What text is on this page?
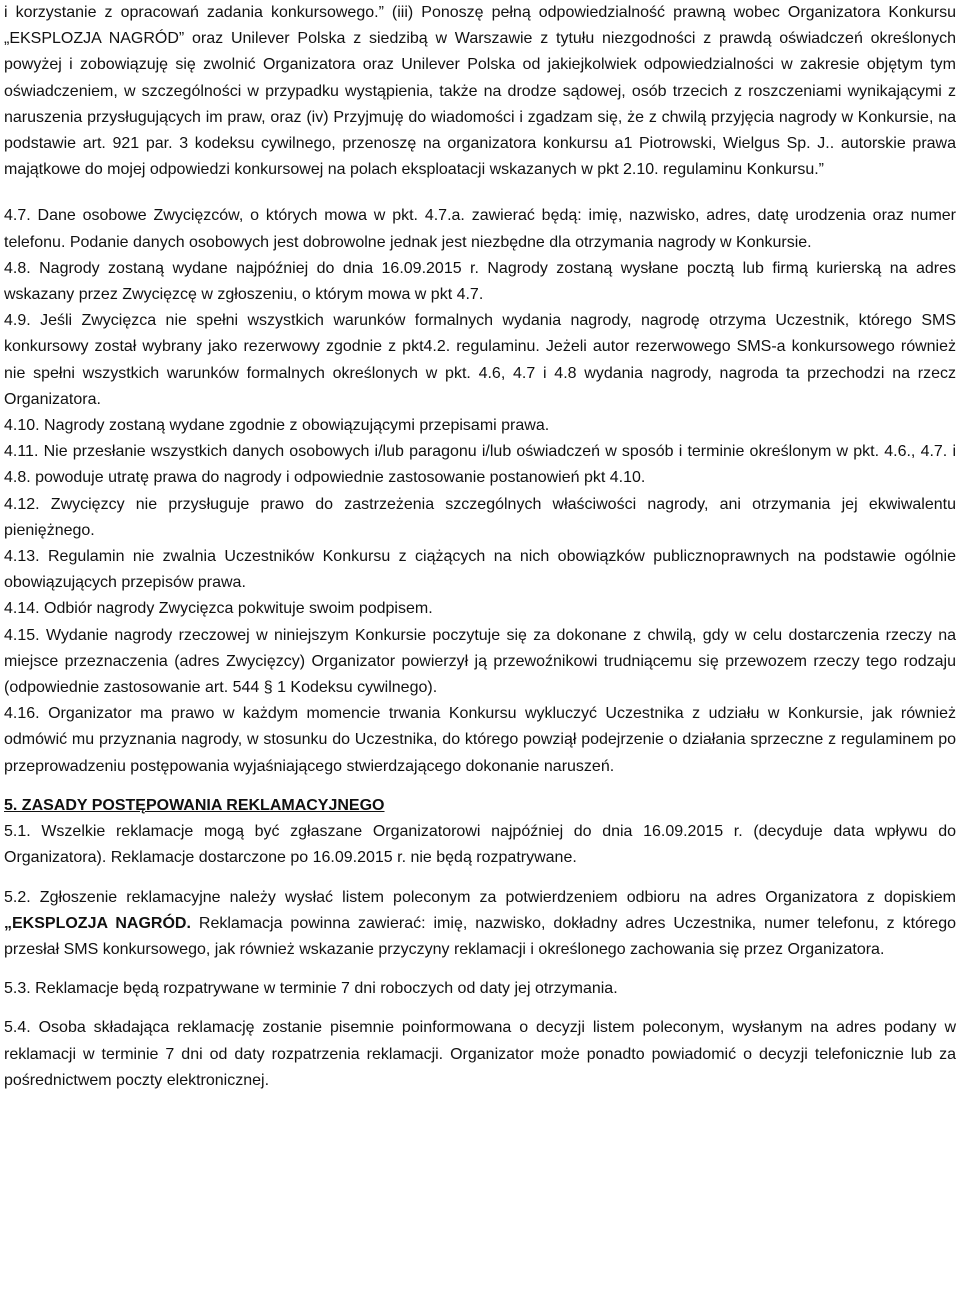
i korzystanie z opracowań zadania konkursowego.” (iii) Ponoszę pełną odpowiedzialność prawną wobec Organizatora Konkursu „EKSPLOZJA NAGRÓD” oraz Unilever Polska z siedzibą w Warszawie z tytułu niezgodności z prawdą oświadczeń określonych powyżej i zobowiązuję się zwolnić Organizatora oraz Unilever Polska od jakiejkolwiek odpowiedzialności w zakresie objętym tym oświadczeniem, w szczególności w przypadku wystąpienia, także na drodze sądowej, osób trzecich z roszczeniami wynikającymi z naruszenia przysługujących im praw, oraz (iv) Przyjmuję do wiadomości i zgadzam się, że z chwilą przyjęcia nagrody w Konkursie, na podstawie art. 921 par. 3 kodeksu cywilnego, przenoszę na organizatora konkursu a1 Piotrowski, Wielgus Sp. J.. autorskie prawa majątkowe do mojej odpowiedzi konkursowej na polach eksploatacji wskazanych w pkt 2.10. regulaminu Konkursu.”

4.7. Dane osobowe Zwycięzców, o których mowa w pkt. 4.7.a. zawierać będą: imię, nazwisko, adres, datę urodzenia oraz numer telefonu. Podanie danych osobowych jest dobrowolne jednak jest niezbędne dla otrzymania nagrody w Konkursie.

4.8. Nagrody zostaną wydane najpóźniej do dnia 16.09.2015 r. Nagrody zostaną wysłane pocztą lub firmą kurierską na adres wskazany przez Zwycięzcę w zgłoszeniu, o którym mowa w pkt 4.7.

4.9. Jeśli Zwycięzca nie spełni wszystkich warunków formalnych wydania nagrody, nagrodę otrzyma Uczestnik, którego SMS konkursowy został wybrany jako rezerwowy zgodnie z pkt4.2. regulaminu. Jeżeli autor rezerwowego SMS-a konkursowego również nie spełni wszystkich warunków formalnych określonych w pkt. 4.6, 4.7 i 4.8 wydania nagrody, nagroda ta przechodzi na rzecz Organizatora.

4.10. Nagrody zostaną wydane zgodnie z obowiązującymi przepisami prawa.

4.11. Nie przesłanie wszystkich danych osobowych i/lub paragonu i/lub oświadczeń w sposób i terminie określonym w pkt. 4.6., 4.7. i 4.8. powoduje utratę prawa do nagrody i odpowiednie zastosowanie postanowień pkt 4.10.

4.12. Zwycięzcy nie przysługuje prawo do zastrzeżenia szczególnych właściwości nagrody, ani otrzymania jej ekwiwalentu pieniężnego.

4.13. Regulamin nie zwalnia Uczestników Konkursu z ciążących na nich obowiązków publicznoprawnych na podstawie ogólnie obowiązujących przepisów prawa.

4.14. Odbiór nagrody Zwycięzca pokwituje swoim podpisem.

4.15. Wydanie nagrody rzeczowej w niniejszym Konkursie poczytuje się za dokonane z chwilą, gdy w celu dostarczenia rzeczy na miejsce przeznaczenia (adres Zwycięzcy) Organizator powierzył ją przewoźnikowi trudniącemu się przewozem rzeczy tego rodzaju (odpowiednie zastosowanie art. 544 § 1 Kodeksu cywilnego).

4.16. Organizator ma prawo w każdym momencie trwania Konkursu wykluczyć Uczestnika z udziału w Konkursie, jak również odmówić mu przyznania nagrody, w stosunku do Uczestnika, do którego powziął podejrzenie o działania sprzeczne z regulaminem po przeprowadzeniu postępowania wyjaśniającego stwierdzającego dokonanie naruszeń.

5. ZASADY POSTĘPOWANIA REKLAMACYJNEGO

5.1. Wszelkie reklamacje mogą być zgłaszane Organizatorowi najpóźniej do dnia 16.09.2015 r. (decyduje data wpływu do Organizatora). Reklamacje dostarczone po 16.09.2015 r. nie będą rozpatrywane.

5.2. Zgłoszenie reklamacyjne należy wysłać listem poleconym za potwierdzeniem odbioru na adres Organizatora z dopiskiem „EKSPLOZJA NAGRÓD. Reklamacja powinna zawierać: imię, nazwisko, dokładny adres Uczestnika, numer telefonu, z którego przesłał SMS konkursowego, jak również wskazanie przyczyny reklamacji i określonego zachowania się przez Organizatora.

5.3. Reklamacje będą rozpatrywane w terminie 7 dni roboczych od daty jej otrzymania.

5.4. Osoba składająca reklamację zostanie pisemnie poinformowana o decyzji listem poleconym, wysłanym na adres podany w reklamacji w terminie 7 dni od daty rozpatrzenia reklamacji. Organizator może ponadto powiadomić o decyzji telefonicznie lub za pośrednictwem poczty elektronicznej.
